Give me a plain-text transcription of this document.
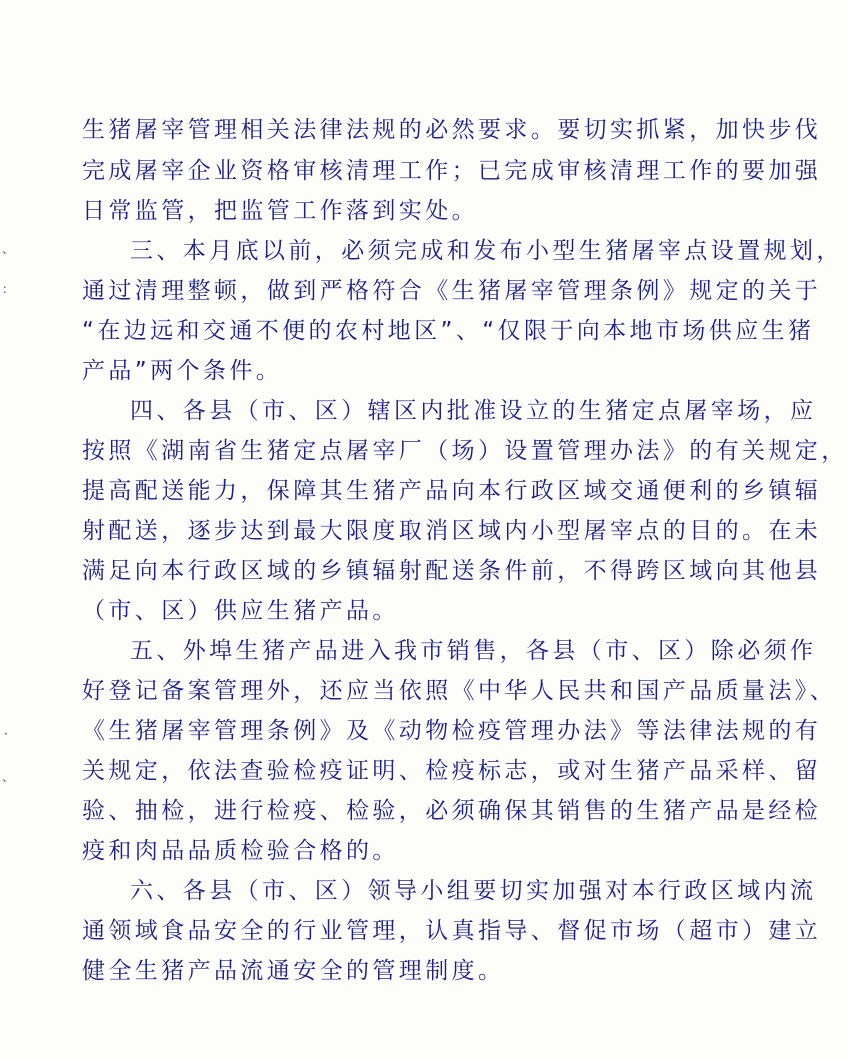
生猪屠宰管理相关法律法规的必然要求。要切实抓紧，加快步伐
完成屠宰企业资格审核清理工作；已完成审核清理工作的要加强
日常监管，把监管工作落到实处。
三、本月底以前，必须完成和发布小型生猪屠宰点设置规划，
通过清理整顿，做到严格符合《生猪屠宰管理条例》规定的关于
“在边远和交通不便的农村地区”、“仅限于向本地市场供应生猪
产品”两个条件。
四、各县（市、区）辖区内批准设立的生猪定点屠宰场，应
按照《湖南省生猪定点屠宰厂（场）设置管理办法》的有关规定，
提高配送能力，保障其生猪产品向本行政区域交通便利的乡镇辐
射配送，逐步达到最大限度取消区域内小型屠宰点的目的。在未
满足向本行政区域的乡镇辐射配送条件前，不得跨区域向其他县
（市、区）供应生猪产品。
五、外埠生猪产品进入我市销售，各县（市、区）除必须作
好登记备案管理外，还应当依照《中华人民共和国产品质量法》、
《生猪屠宰管理条例》及《动物检疫管理办法》等法律法规的有
关规定，依法查验检疫证明、检疫标志，或对生猪产品采样、留
验、抽检，进行检疫、检验，必须确保其销售的生猪产品是经检
疫和肉品品质检验合格的。
六、各县（市、区）领导小组要切实加强对本行政区域内流
通领域食品安全的行业管理，认真指导、督促市场（超市）建立
健全生猪产品流通安全的管理制度。
、
：
·
、
